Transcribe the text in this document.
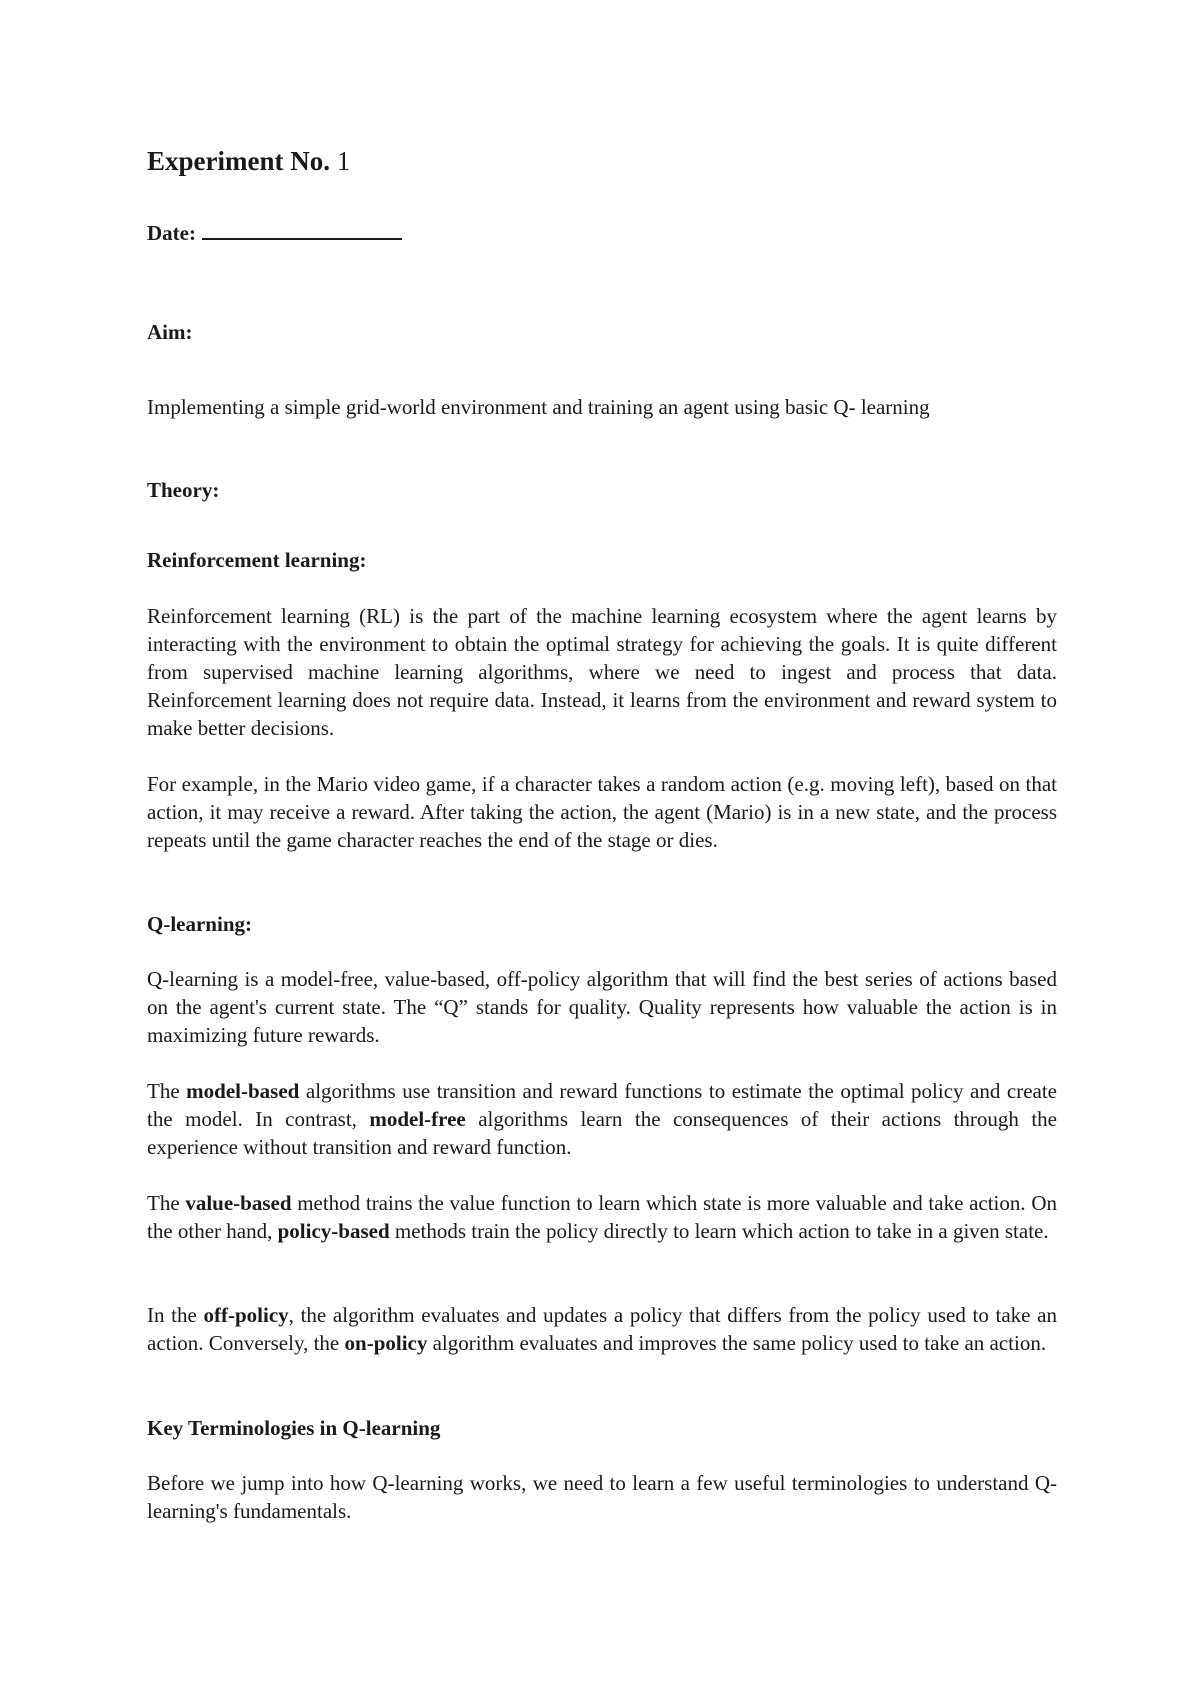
Experiment No. 1
Date:
Aim:
Implementing a simple grid-world environment and training an agent using basic Q- learning
Theory:
Reinforcement learning:
Reinforcement learning (RL) is the part of the machine learning ecosystem where the agent learns by interacting with the environment to obtain the optimal strategy for achieving the goals. It is quite different from supervised machine learning algorithms, where we need to ingest and process that data. Reinforcement learning does not require data. Instead, it learns from the environment and reward system to make better decisions.
For example, in the Mario video game, if a character takes a random action (e.g. moving left), based on that action, it may receive a reward. After taking the action, the agent (Mario) is in a new state, and the process repeats until the game character reaches the end of the stage or dies.
Q-learning:
Q-learning is a model-free, value-based, off-policy algorithm that will find the best series of actions based on the agent's current state. The “Q” stands for quality. Quality represents how valuable the action is in maximizing future rewards.
The model-based algorithms use transition and reward functions to estimate the optimal policy and create the model. In contrast, model-free algorithms learn the consequences of their actions through the experience without transition and reward function.
The value-based method trains the value function to learn which state is more valuable and take action. On the other hand, policy-based methods train the policy directly to learn which action to take in a given state.
In the off-policy, the algorithm evaluates and updates a policy that differs from the policy used to take an action. Conversely, the on-policy algorithm evaluates and improves the same policy used to take an action.
Key Terminologies in Q-learning
Before we jump into how Q-learning works, we need to learn a few useful terminologies to understand Q-learning's fundamentals.
